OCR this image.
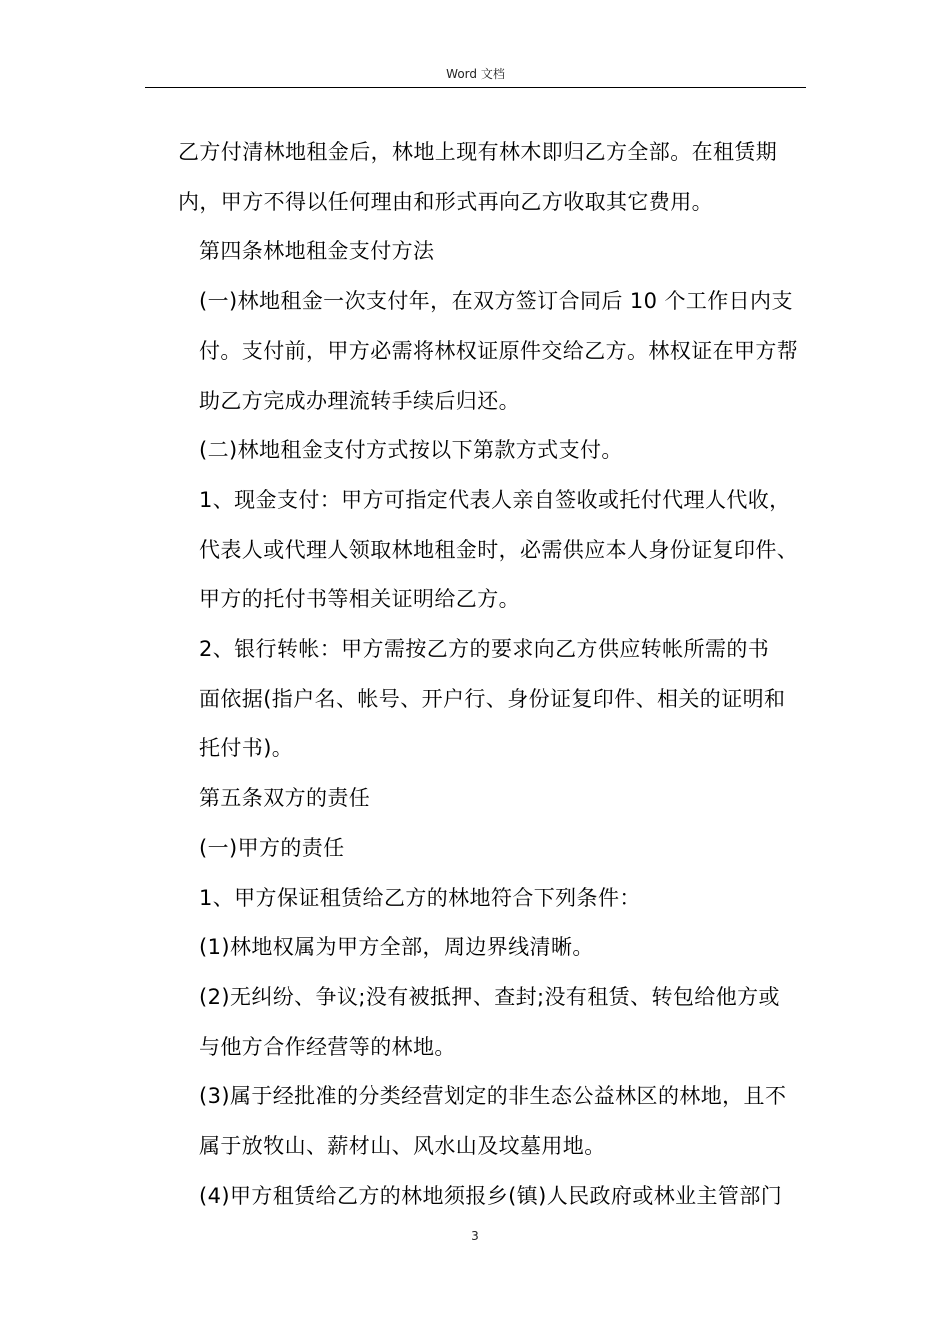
Word 文档

乙方付清林地租金后，林地上现有林木即归乙方全部。在租赁期
内，甲方不得以任何理由和形式再向乙方收取其它费用。

第四条林地租金支付方法

(一)林地租金一次支付年，在双方签订合同后 10 个工作日内支
付。支付前，甲方必需将林权证原件交给乙方。林权证在甲方帮
助乙方完成办理流转手续后归还。

(二)林地租金支付方式按以下第款方式支付。

1、现金支付：甲方可指定代表人亲自签收或托付代理人代收，
代表人或代理人领取林地租金时，必需供应本人身份证复印件、
甲方的托付书等相关证明给乙方。

2、银行转帐：甲方需按乙方的要求向乙方供应转帐所需的书
面依据(指户名、帐号、开户行、身份证复印件、相关的证明和
托付书)。

第五条双方的责任

(一)甲方的责任

1、甲方保证租赁给乙方的林地符合下列条件：

(1)林地权属为甲方全部，周边界线清晰。

(2)无纠纷、争议;没有被抵押、查封;没有租赁、转包给他方或
与他方合作经营等的林地。

(3)属于经批准的分类经营划定的非生态公益林区的林地，且不
属于放牧山、薪材山、风水山及坟墓用地。

(4)甲方租赁给乙方的林地须报乡(镇)人民政府或林业主管部门

3
